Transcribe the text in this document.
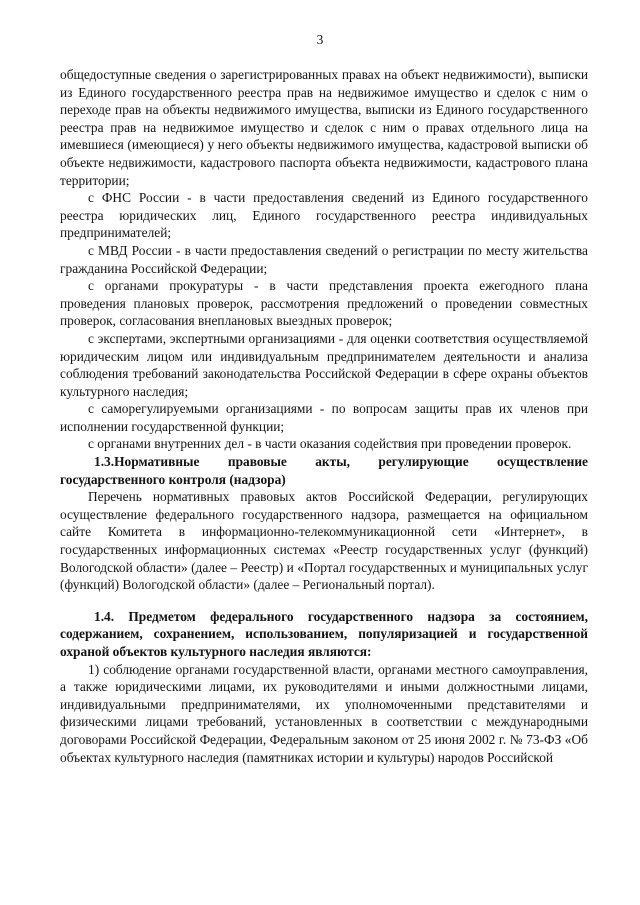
3

общедоступные сведения о зарегистрированных правах на объект недвижимости), выписки из Единого государственного реестра прав на недвижимое имущество и сделок с ним о переходе прав на объекты недвижимого имущества, выписки из Единого государственного реестра прав на недвижимое имущество и сделок с ним о правах отдельного лица на имевшиеся (имеющиеся) у него объекты недвижимого имущества, кадастровой выписки об объекте недвижимости, кадастрового паспорта объекта недвижимости, кадастрового плана территории;

с ФНС России - в части предоставления сведений из Единого государственного реестра юридических лиц, Единого государственного реестра индивидуальных предпринимателей;

с МВД России - в части предоставления сведений о регистрации по месту жительства гражданина Российской Федерации;

с органами прокуратуры - в части представления проекта ежегодного плана проведения плановых проверок, рассмотрения предложений о проведении совместных проверок, согласования внеплановых выездных проверок;

с экспертами, экспертными организациями - для оценки соответствия осуществляемой юридическим лицом или индивидуальным предпринимателем деятельности и анализа соблюдения требований законодательства Российской Федерации в сфере охраны объектов культурного наследия;

с саморегулируемыми организациями - по вопросам защиты прав их членов при исполнении государственной функции;

с органами внутренних дел - в части оказания содействия при проведении проверок.

1.3.Нормативные правовые акты, регулирующие осуществление государственного контроля (надзора)

Перечень нормативных правовых актов Российской Федерации, регулирующих осуществление федерального государственного надзора, размещается на официальном сайте Комитета в информационно-телекоммуникационной сети «Интернет», в государственных информационных системах «Реестр государственных услуг (функций) Вологодской области» (далее – Реестр) и «Портал государственных и муниципальных услуг (функций) Вологодской области» (далее – Региональный портал).

1.4. Предметом федерального государственного надзора за состоянием, содержанием, сохранением, использованием, популяризацией и государственной охраной объектов культурного наследия являются:

1) соблюдение органами государственной власти, органами местного самоуправления, а также юридическими лицами, их руководителями и иными должностными лицами, индивидуальными предпринимателями, их уполномоченными представителями и физическими лицами требований, установленных в соответствии с международными договорами Российской Федерации, Федеральным законом от 25 июня 2002 г. № 73-ФЗ «Об объектах культурного наследия (памятниках истории и культуры) народов Российской
